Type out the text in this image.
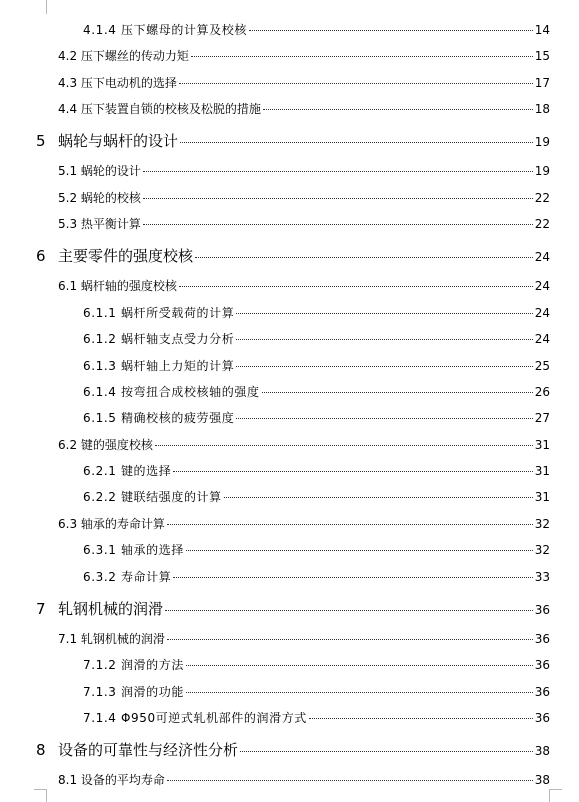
4.1.4 压下螺母的计算及校核	14
4.2 压下螺丝的传动力矩	15
4.3 压下电动机的选择	17
4.4 压下装置自锁的校核及松脱的措施	18
5 蜗轮与蜗杆的设计	19
5.1 蜗轮的设计	19
5.2 蜗轮的校核	22
5.3 热平衡计算	22
6 主要零件的强度校核	24
6.1 蜗杆轴的强度校核	24
6.1.1 蜗杆所受载荷的计算	24
6.1.2 蜗杆轴支点受力分析	24
6.1.3 蜗杆轴上力矩的计算	25
6.1.4 按弯扭合成校核轴的强度	26
6.1.5 精确校核的疲劳强度	27
6.2 键的强度校核	31
6.2.1 键的选择	31
6.2.2 键联结强度的计算	31
6.3 轴承的寿命计算	32
6.3.1 轴承的选择	32
6.3.2 寿命计算	33
7 轧钢机械的润滑	36
7.1 轧钢机械的润滑	36
7.1.2 润滑的方法	36
7.1.3 润滑的功能	36
7.1.4 Φ950可逆式轧机部件的润滑方式	36
8 设备的可靠性与经济性分析	38
8.1 设备的平均寿命	38
